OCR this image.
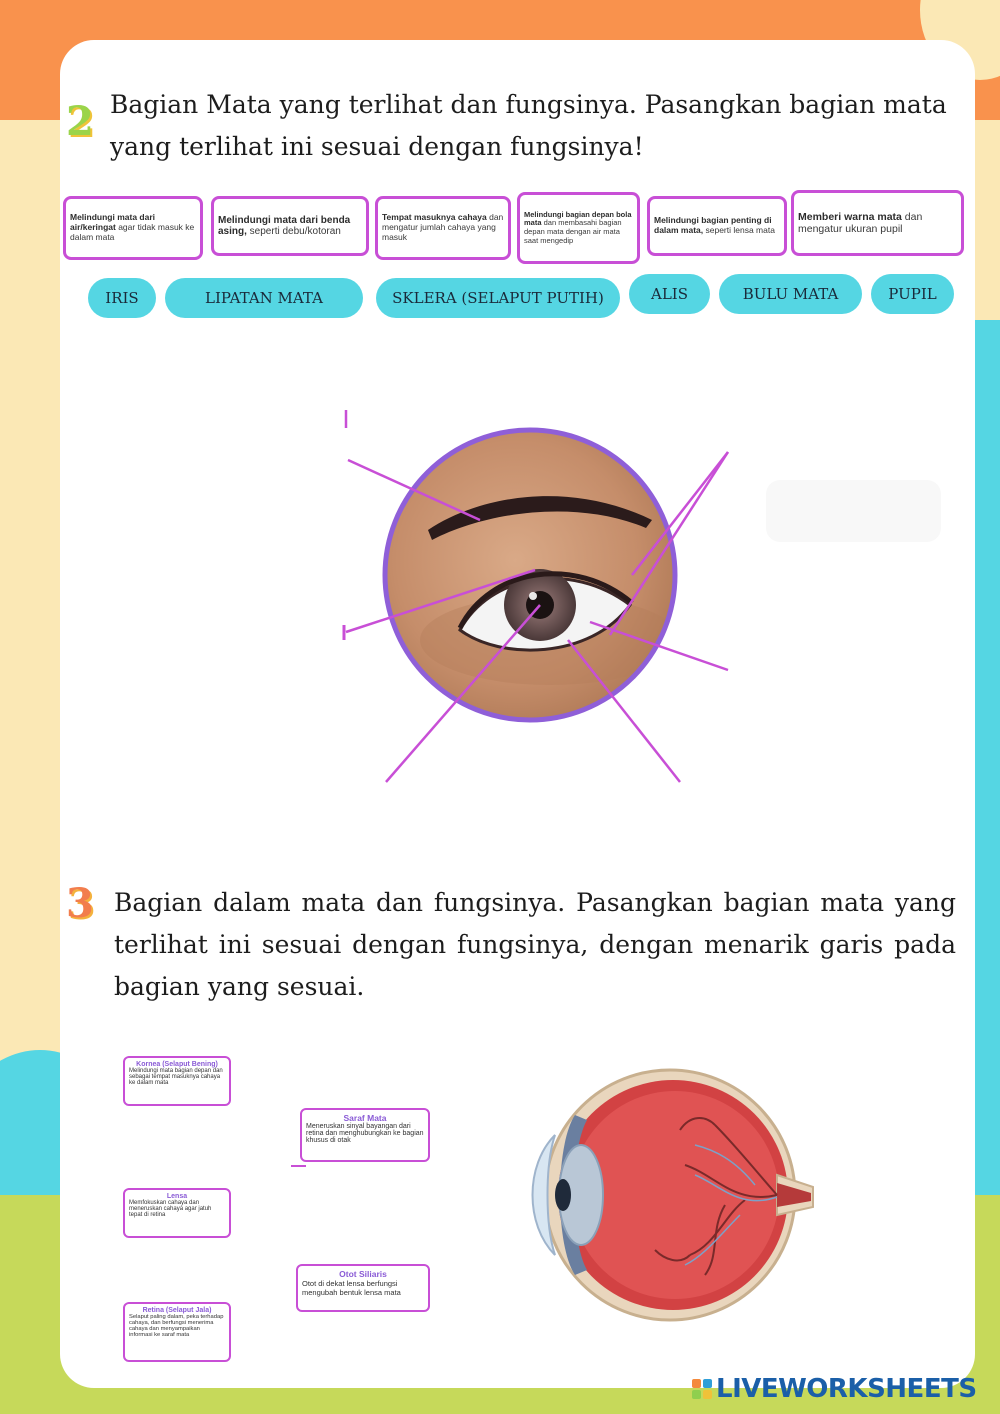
2 Bagian Mata yang terlihat dan fungsinya. Pasangkan bagian mata yang terlihat ini sesuai dengan fungsinya!
Melindungi mata dari air/keringat agar tidak masuk ke dalam mata
Melindungi mata dari benda asing, seperti debu/kotoran
Tempat masuknya cahaya dan mengatur jumlah cahaya yang masuk
Melindungi bagian depan bola mata dan membasahi bagian depan mata dengan air mata saat mengedip
Melindungi bagian penting di dalam mata, seperti lensa mata
Memberi warna mata dan mengatur ukuran pupil
IRIS	LIPATAN MATA	SKLERA (SELAPUT PUTIH)	ALIS	BULU MATA	PUPIL
3 Bagian dalam mata dan fungsinya. Pasangkan bagian mata yang terlihat ini sesuai dengan fungsinya, dengan menarik garis pada bagian yang sesuai.
Kornea (Selaput Bening)
Melindungi mata bagian depan dan sebagai tempat masuknya cahaya ke dalam mata
Saraf Mata
Meneruskan sinyal bayangan dari retina dan menghubungkan ke bagian khusus di otak
Lensa
Memfokuskan cahaya dan meneruskan cahaya agar jatuh tepat di retina
Otot Siliaris
Otot di dekat lensa berfungsi mengubah bentuk lensa mata
Retina (Selaput Jala)
Selaput paling dalam, peka terhadap cahaya, dan berfungsi menerima cahaya dan menyampaikan informasi ke saraf mata
LIVEWORKSHEETS
